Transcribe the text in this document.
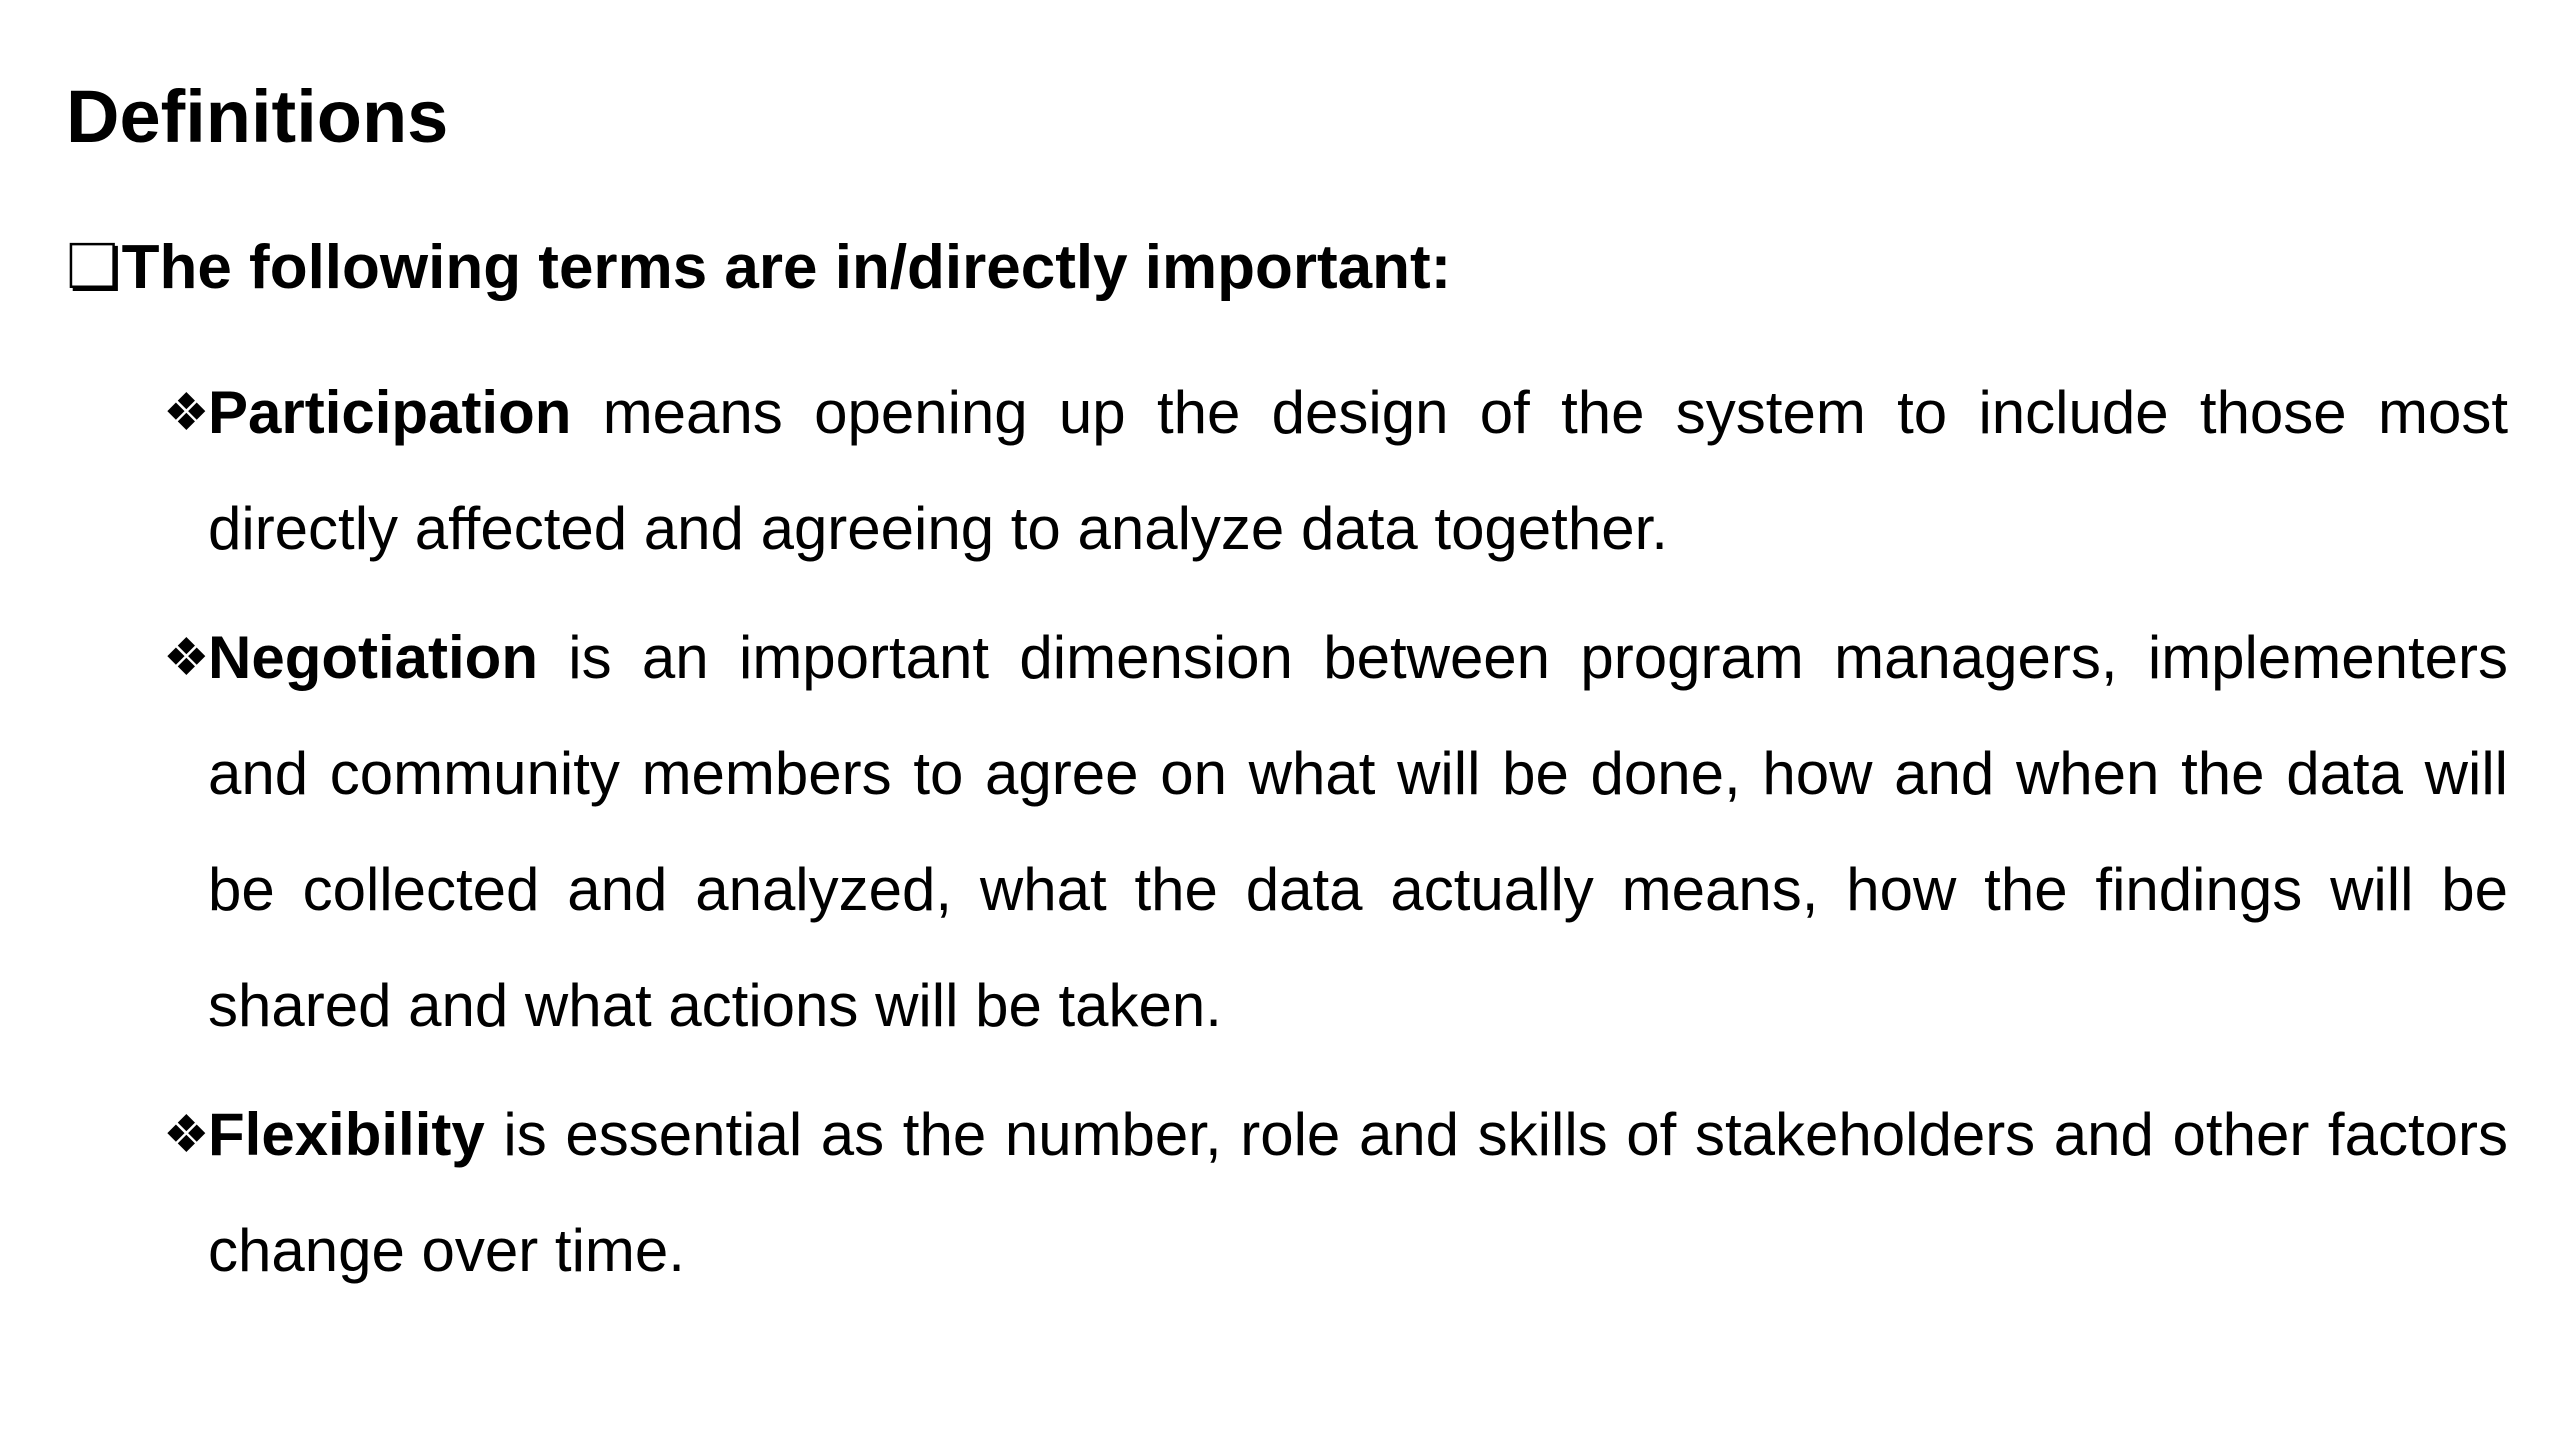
Definitions

❏The following terms are in/directly important:

❖
Participation means opening up the design of the system to include those most directly affected and agreeing to analyze data together.
❖
Negotiation is an important dimension between program managers, implementers and community members to agree on what will be done, how and when the data will be collected and analyzed, what the data actually means, how the findings will be shared and what actions will be taken.
❖
Flexibility is essential as the number, role and skills of stakeholders and other factors change over time.
